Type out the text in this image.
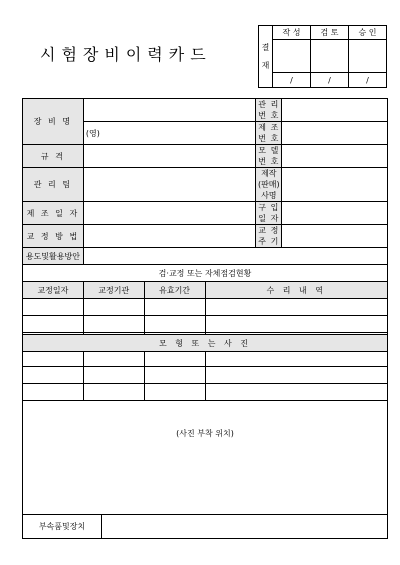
시험장비이력카드	결
재	작 성	검 토	승 인

	/	/	/
장 비 명				관 리 번 호	
	(영)			제 조 번 호	
규 격				모 델 번 호	
관 리 팀				제작(판매)사명	
제 조 일 자				구 입 일 자	
교 정 방 법				교 정 주 기	
용도및활용방안					
검·교정 또는 자체점검현황					
교정일자	교정기관	유효기간	수 리 내 역		

모 형 또 는 사 진
(사진 부착 위치)
부속품및장치	
